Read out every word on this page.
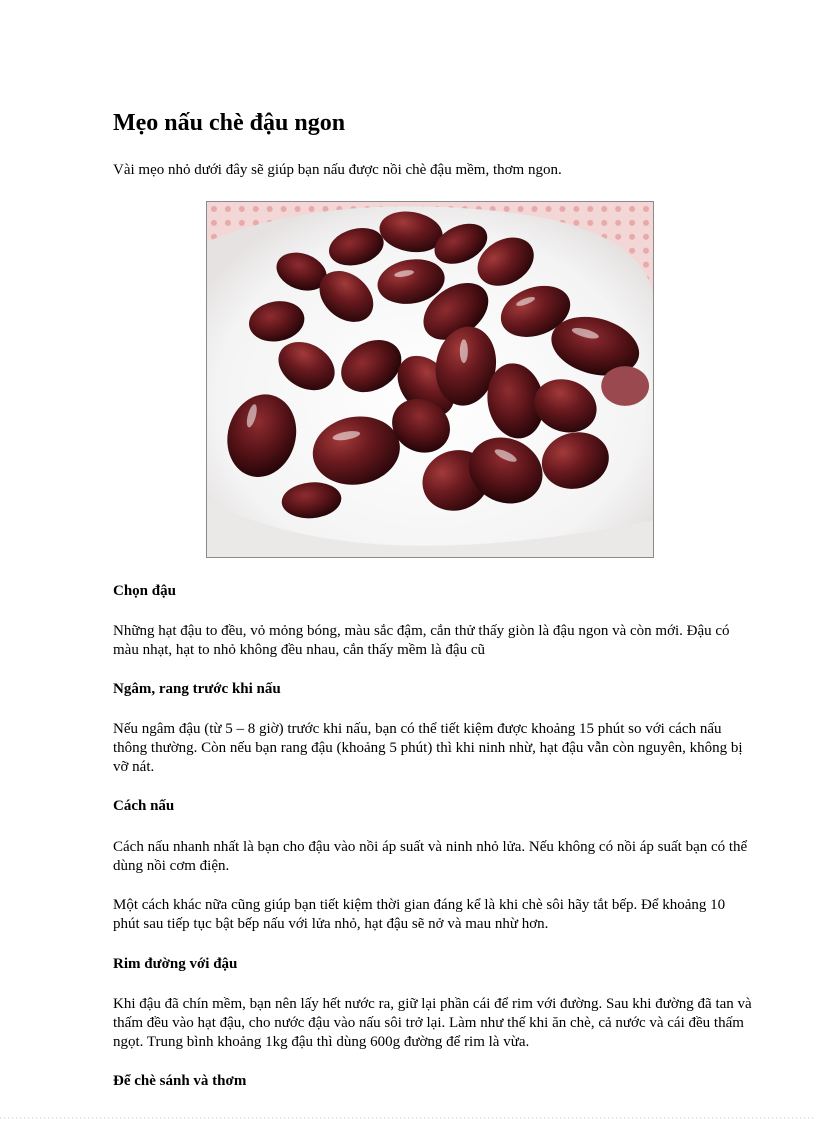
Mẹo nấu chè đậu ngon

Vài mẹo nhỏ dưới đây sẽ giúp bạn nấu được nồi chè đậu mềm, thơm ngon.

Chọn đậu

Những hạt đậu to đều, vỏ mỏng bóng, màu sắc đậm, cắn thử thấy giòn là đậu ngon và còn mới. Đậu có màu nhạt, hạt to nhỏ không đều nhau, cắn thấy mềm là đậu cũ

Ngâm, rang trước khi nấu

Nếu ngâm đậu (từ 5 – 8 giờ) trước khi nấu, bạn có thể tiết kiệm được khoảng 15 phút so với cách nấu thông thường. Còn nếu bạn rang đậu (khoảng 5 phút) thì khi ninh nhừ, hạt đậu vẫn còn nguyên, không bị vỡ nát.

Cách nấu

Cách nấu nhanh nhất là bạn cho đậu vào nồi áp suất và ninh nhỏ lửa. Nếu không có nồi áp suất bạn có thể dùng nồi cơm điện.

Một cách khác nữa cũng giúp bạn tiết kiệm thời gian đáng kể là khi chè sôi hãy tắt bếp. Để khoảng 10 phút sau tiếp tục bật bếp nấu với lửa nhỏ, hạt đậu sẽ nở và mau nhừ hơn.

Rim đường với đậu

Khi đậu đã chín mềm, bạn nên lấy hết nước ra, giữ lại phần cái để rim với đường. Sau khi đường đã tan và thấm đều vào hạt đậu, cho nước đậu vào nấu sôi trở lại. Làm như thế khi ăn chè, cả nước và cái đều thấm ngọt. Trung bình khoảng 1kg đậu thì dùng 600g đường để rim là vừa.

Để chè sánh và thơm
